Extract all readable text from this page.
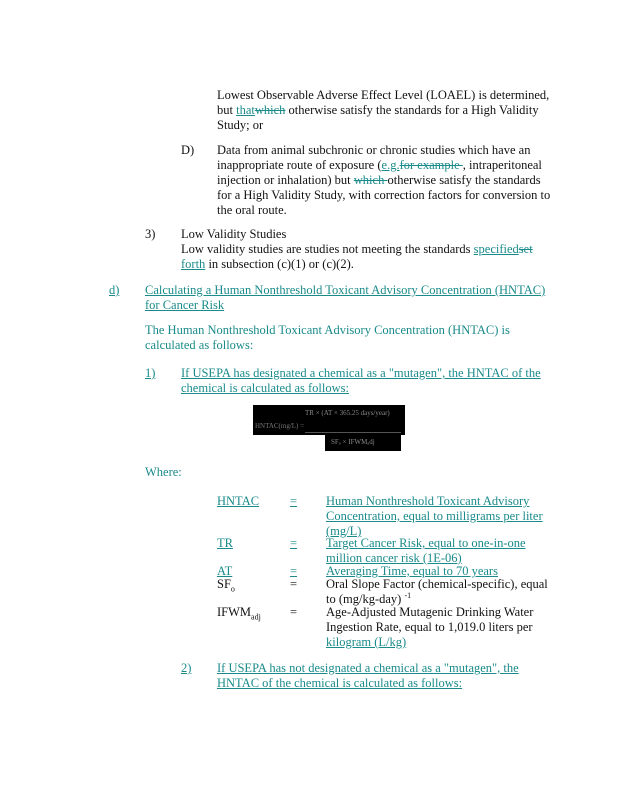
Lowest Observable Adverse Effect Level (LOAEL) is determined,
but thatwhich otherwise satisfy the standards for a High Validity
Study; or
D) Data from animal subchronic or chronic studies which have an
inappropriate route of exposure (e.g.for example , intraperitoneal
injection or inhalation) but which otherwise satisfy the standards
for a High Validity Study, with correction factors for conversion to
the oral route.
3) Low Validity Studies
Low validity studies are studies not meeting the standards specifiedset
forth in subsection (c)(1) or (c)(2).
d) Calculating a Human Nonthreshold Toxicant Advisory Concentration (HNTAC)
for Cancer Risk
The Human Nonthreshold Toxicant Advisory Concentration (HNTAC) is
calculated as follows:
1) If USEPA has designated a chemical as a "mutagen", the HNTAC of the
chemical is calculated as follows:
HNTAC(mg/L) =
TR × (AT × 365.25 days/year)
SFₒ × IFWMₐdj
Where:
HNTAC = Human Nonthreshold Toxicant Advisory
Concentration, equal to milligrams per liter
(mg/L)
TR	= Target Cancer Risk, equal to one-in-one
million cancer risk (1E-06)
AT	= Averaging Time, equal to 70 years
$SF_o$	= Oral Slope Factor (chemical-specific), equal
to (mg/kg-day) $^{-1}$
$IFWM_{adj}$ = Age-Adjusted Mutagenic Drinking Water
Ingestion Rate, equal to 1,019.0 liters per
kilogram (L/kg)
2) If USEPA has not designated a chemical as a "mutagen", the
HNTAC of the chemical is calculated as follows:
